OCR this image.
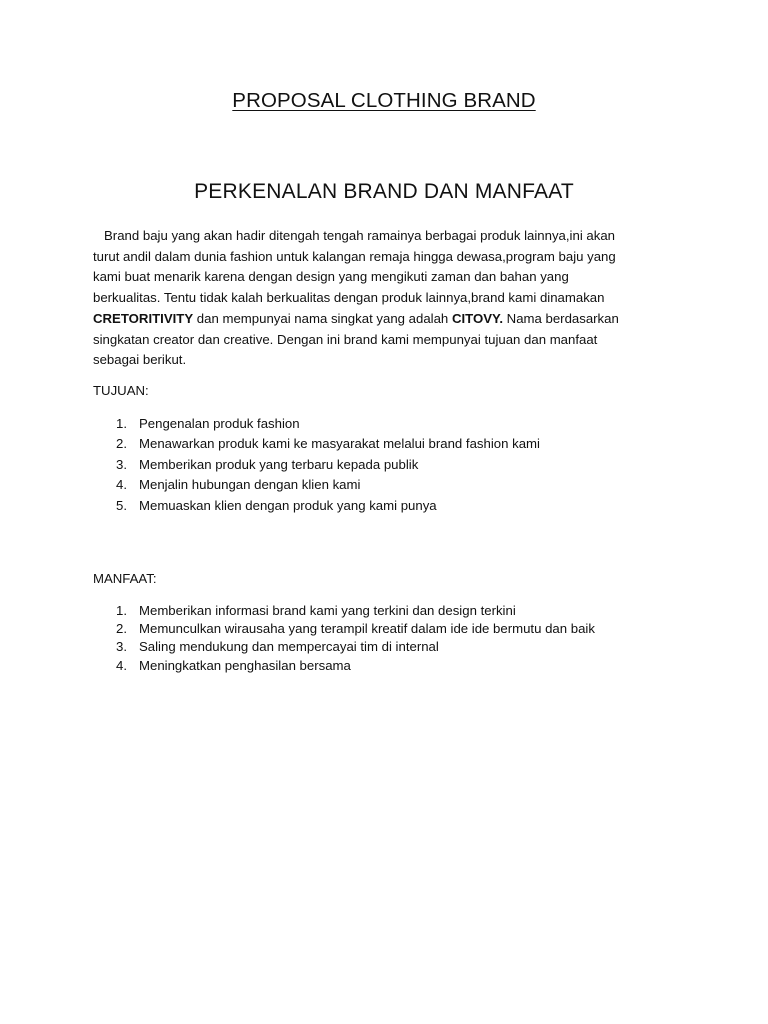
PROPOSAL CLOTHING BRAND
PERKENALAN BRAND DAN MANFAAT
Brand baju yang akan hadir ditengah tengah ramainya berbagai produk lainnya,ini akan
turut andil dalam dunia fashion untuk kalangan remaja hingga dewasa,program baju yang
kami buat menarik karena dengan design yang mengikuti zaman dan bahan yang
berkualitas. Tentu tidak kalah berkualitas dengan produk lainnya,brand kami dinamakan
CRETORITIVITY dan mempunyai nama singkat yang adalah CITOVY. Nama berdasarkan
singkatan creator dan creative. Dengan ini brand kami mempunyai tujuan dan manfaat
sebagai berikut.
TUJUAN:
1. Pengenalan produk fashion
2. Menawarkan produk kami ke masyarakat melalui brand fashion kami
3. Memberikan produk yang terbaru kepada publik
4. Menjalin hubungan dengan klien kami
5. Memuaskan klien dengan produk yang kami punya
MANFAAT:
1. Memberikan informasi brand kami yang terkini dan design terkini
2. Memunculkan wirausaha yang terampil kreatif dalam ide ide bermutu dan baik
3. Saling mendukung dan mempercayai tim di internal
4. Meningkatkan penghasilan bersama
